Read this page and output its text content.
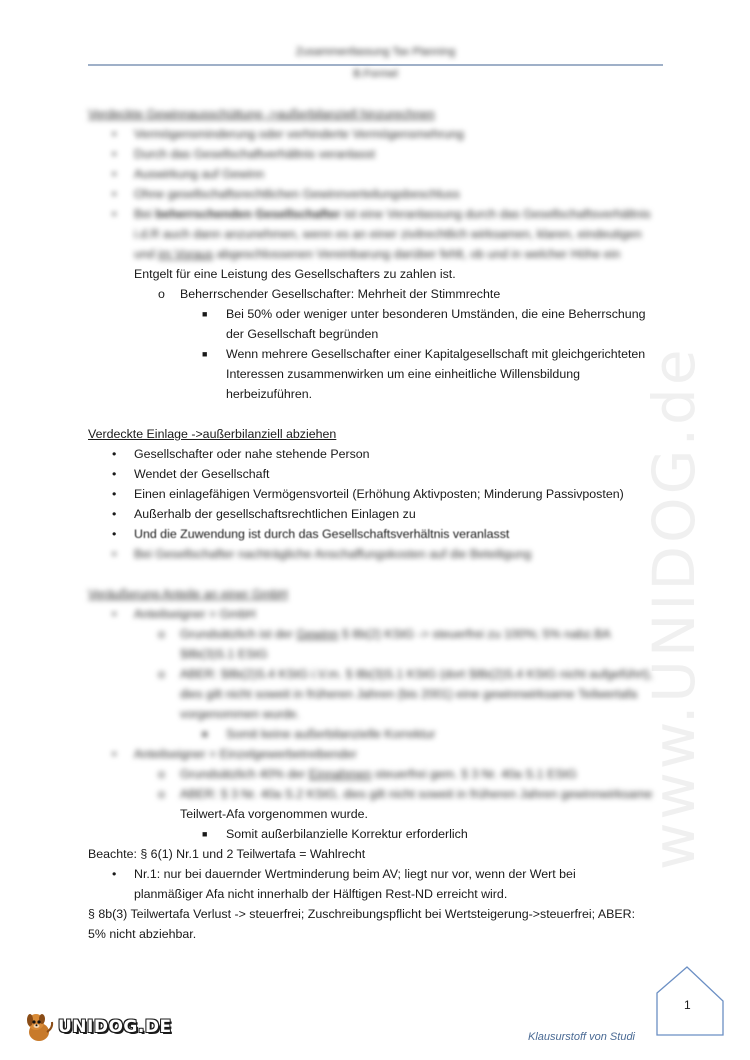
www.UNIDOG.de
Zusammenfassung Tax Planning
B.Formel
Verdeckte Gewinnausschüttung ->außerbilanziell hinzurechnen
• Vermögensminderung oder verhinderte Vermögensmehrung
• Durch das Gesellschaftverhältnis veranlasst
• Auswirkung auf Gewinn
• Ohne gesellschaftsrechtlichen Gewinnverteilungsbeschluss
• Bei beherrschenden Gesellschafter ist eine Veranlassung durch das Gesellschaftsverhältnis
i.d.R auch dann anzunehmen, wenn es an einer zivilrechtlich wirksamen, klaren, eindeutigen
und im Voraus abgeschlossenen Vereinbarung darüber fehlt, ob und in welcher Höhe ein
Entgelt für eine Leistung des Gesellschafters zu zahlen ist.
o Beherrschender Gesellschafter: Mehrheit der Stimmrechte
■ Bei 50% oder weniger unter besonderen Umständen, die eine Beherrschung der Gesellschaft begründen
■ Wenn mehrere Gesellschafter einer Kapitalgesellschaft mit gleichgerichteten Interessen zusammenwirken um eine einheitliche Willensbildung herbeizuführen.
Verdeckte Einlage ->außerbilanziell abziehen
• Gesellschafter oder nahe stehende Person
• Wendet der Gesellschaft
• Einen einlagefähigen Vermögensvorteil (Erhöhung Aktivposten; Minderung Passivposten)
• Außerhalb der gesellschaftsrechtlichen Einlagen zu
• Und die Zuwendung ist durch das Gesellschaftsverhältnis veranlasst
• Bei Gesellschafter nachträgliche Anschaffungskosten auf die Beteiligung
Veräußerung Anteile an einer GmbH
• Anteilseigner = GmbH
o Grundsätzlich ist der Gewinn § 8b(2) KStG -> steuerfrei zu 100%; 5% nabz.BA
§8b(3)S.1 EStG
o ABER: §8b(2)S.4 KStG i.V.m. § 8b(3)S.1 KStG (dort §8b(2)S.4 KStG nicht aufgeführt),
dies gilt nicht soweit in früheren Jahren (bis 2001) eine gewinnwirksame Teilwertafa
vorgenommen wurde.
■ Somit keine außerbilanzielle Korrektur
• Anteilseigner = Einzelgewerbetreibender
o Grundsätzlich 40% der Einnahmen steuerfrei gem. § 3 Nr. 40a S.1 EStG
o ABER: § 3 Nr. 40a S.2 KStG, dies gilt nicht soweit in früheren Jahren gewinnwirksame
Teilwert-Afa vorgenommen wurde.
■ Somit außerbilanzielle Korrektur erforderlich
Beachte: § 6(1) Nr.1 und 2 Teilwertafa = Wahlrecht
• Nr.1: nur bei dauernder Wertminderung beim AV; liegt nur vor, wenn der Wert bei
planmäßiger Afa nicht innerhalb der Hälftigen Rest-ND erreicht wird.
§ 8b(3) Teilwertafa Verlust -> steuerfrei; Zuschreibungspflicht bei Wertsteigerung->steuerfrei; ABER:
5% nicht abziehbar.
1
UNIDOG.DE	Klausurstoff von Studi
